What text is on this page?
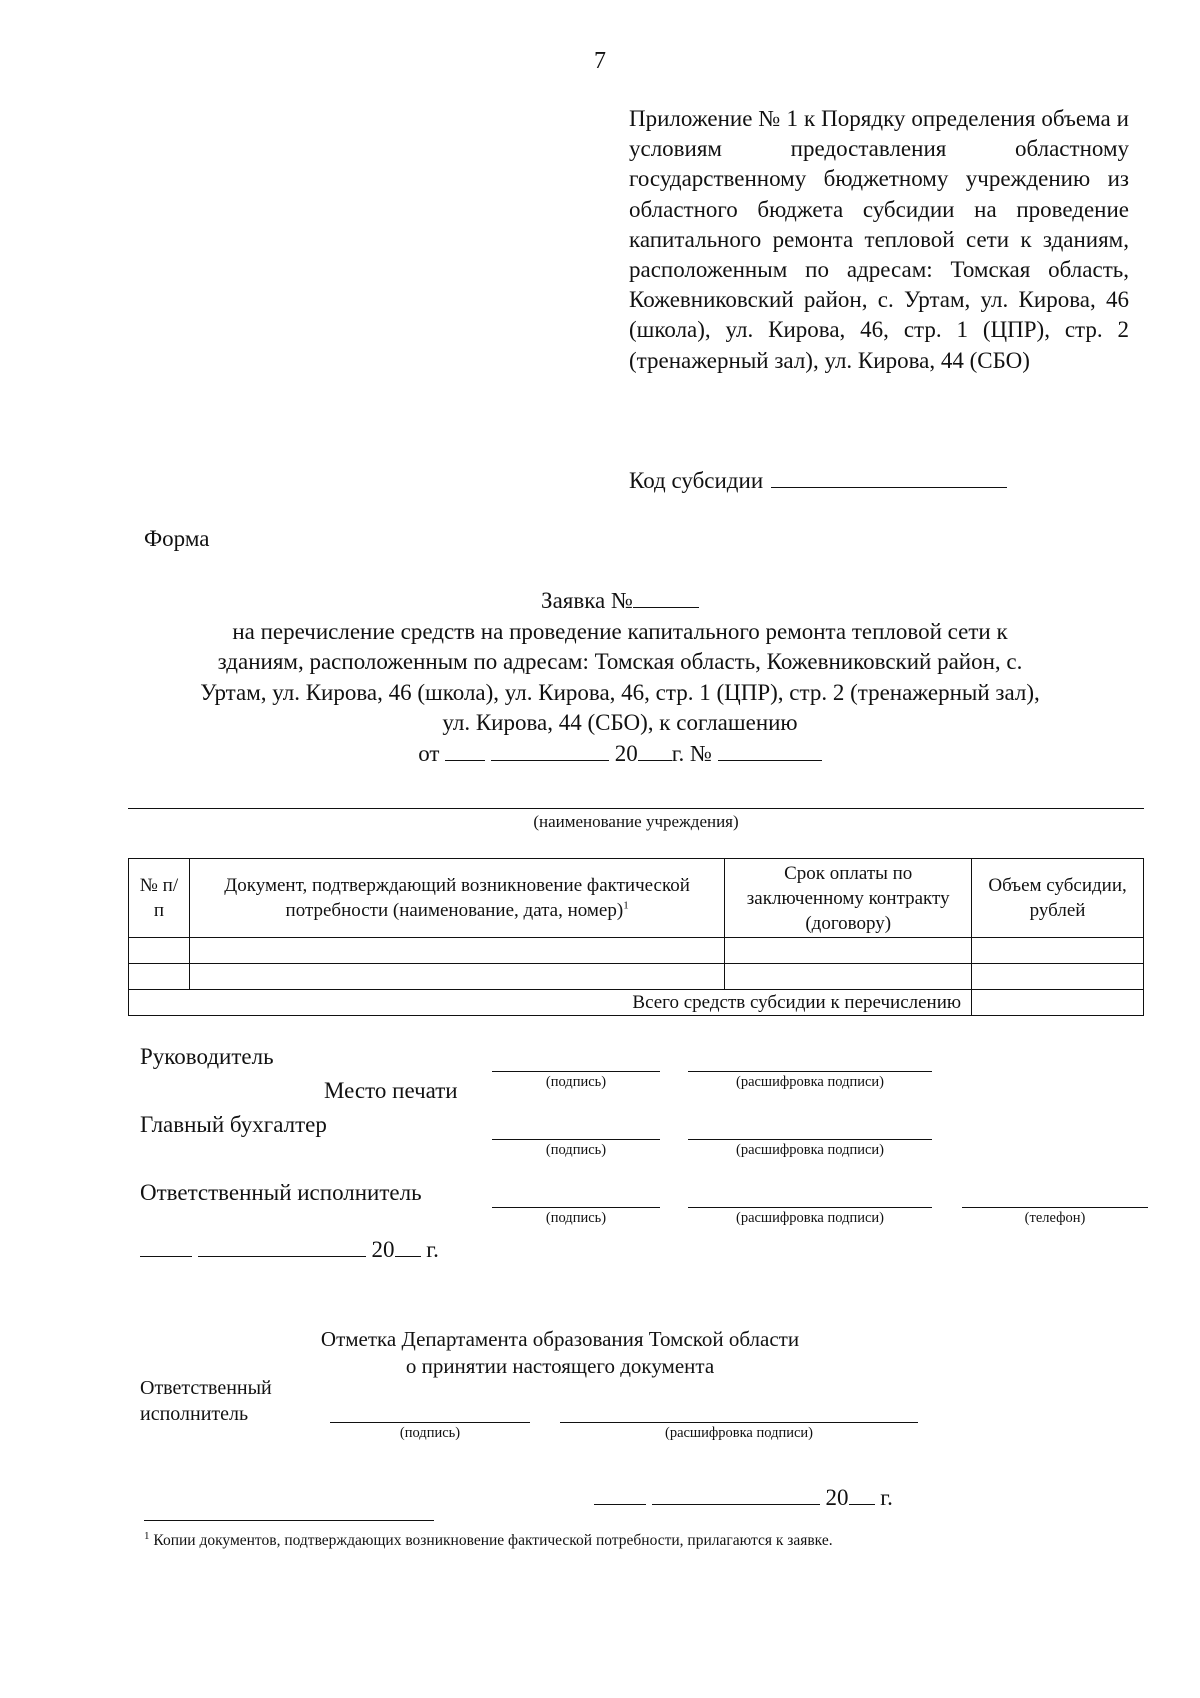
7
Приложение № 1 к Порядку определения объема и условиям предоставления областному государственному бюджетному учреждению из областного бюджета субсидии на проведение капитального ремонта тепловой сети к зданиям, расположенным по адресам: Томская область, Кожевниковский район, с. Уртам, ул. Кирова, 46 (школа), ул. Кирова, 46, стр. 1 (ЦПР), стр. 2 (тренажерный зал), ул. Кирова, 44 (СБО)
Код субсидии
Форма
Заявка №
на перечисление средств на проведение капитального ремонта тепловой сети к
зданиям, расположенным по адресам: Томская область, Кожевниковский район, с.
Уртам, ул. Кирова, 46 (школа), ул. Кирова, 46, стр. 1 (ЦПР), стр. 2 (тренажерный зал),
ул. Кирова, 44 (СБО), к соглашению
от	20 г. №
(наименование учреждения)
№ п/п	Документ, подтверждающий возникновение фактической потребности (наименование, дата, номер)$^1$	Срок оплаты по заключенному контракту (договору)	Объем субсидии, рублей

Всего средств субсидии к перечислению			
Руководитель
(подпись)	(расшифровка подписи)
Место печати
Главный бухгалтер
(подпись)	(расшифровка подписи)
Ответственный исполнитель
(подпись)	(расшифровка подписи)	(телефон)
20 г.
Отметка Департамента образования Томской области
о принятии настоящего документа
Ответственный
исполнитель
(подпись)	(расшифровка подписи)
20 г.
$^1$ Копии документов, подтверждающих возникновение фактической потребности, прилагаются к заявке.
